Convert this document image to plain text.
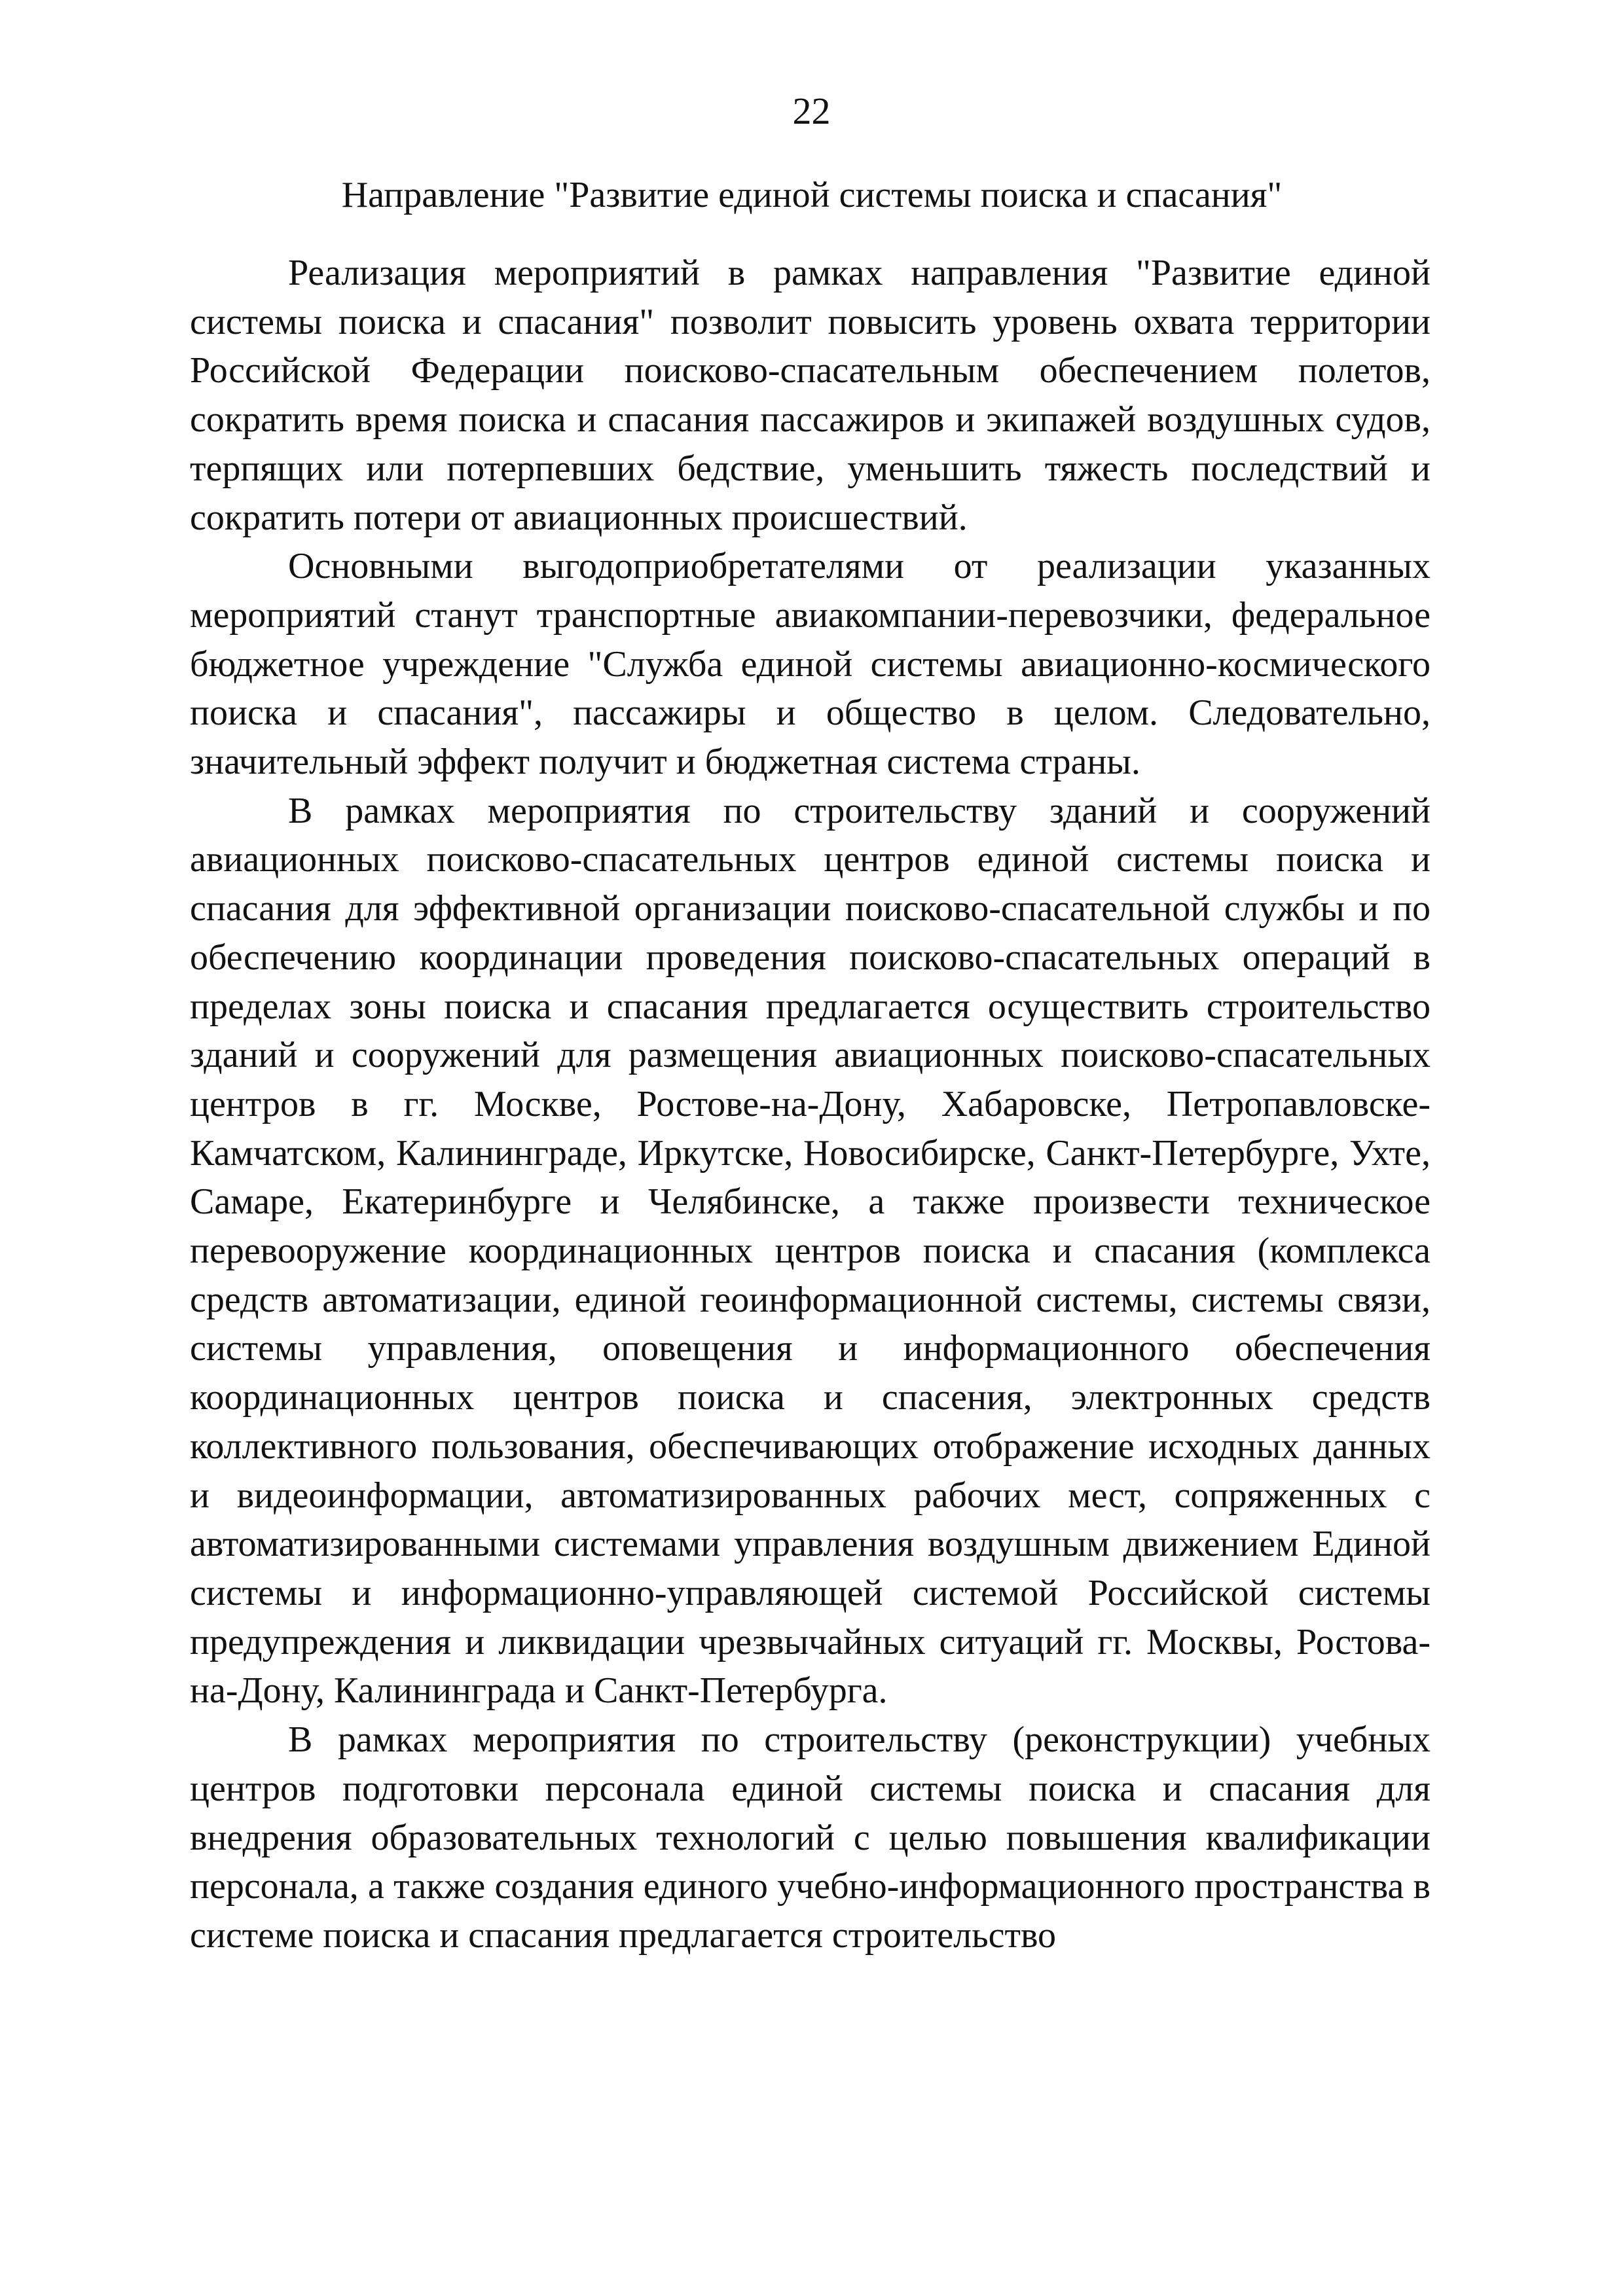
22
Направление "Развитие единой системы поиска и спасания"

Реализация мероприятий в рамках направления "Развитие единой системы поиска и спасания" позволит повысить уровень охвата территории Российской Федерации поисково-спасательным обеспечением полетов, сократить время поиска и спасания пассажиров и экипажей воздушных судов, терпящих или потерпевших бедствие, уменьшить тяжесть последствий и сократить потери от авиационных происшествий.

Основными выгодоприобретателями от реализации указанных мероприятий станут транспортные авиакомпании-перевозчики, федеральное бюджетное учреждение "Служба единой системы авиационно-космического поиска и спасания", пассажиры и общество в целом. Следовательно, значительный эффект получит и бюджетная система страны.

В рамках мероприятия по строительству зданий и сооружений авиационных поисково-спасательных центров единой системы поиска и спасания для эффективной организации поисково-спасательной службы и по обеспечению координации проведения поисково-спасательных операций в пределах зоны поиска и спасания предлагается осуществить строительство зданий и сооружений для размещения авиационных поисково-спасательных центров в гг. Москве, Ростове-на-Дону, Хабаровске, Петропавловске-Камчатском, Калининграде, Иркутске, Новосибирске, Санкт-Петербурге, Ухте, Самаре, Екатеринбурге и Челябинске, а также произвести техническое перевооружение координационных центров поиска и спасания (комплекса средств автоматизации, единой геоинформационной системы, системы связи, системы управления, оповещения и информационного обеспечения координационных центров поиска и спасения, электронных средств коллективного пользования, обеспечивающих отображение исходных данных и видеоинформации, автоматизированных рабочих мест, сопряженных с автоматизированными системами управления воздушным движением Единой системы и информационно-управляющей системой Российской системы предупреждения и ликвидации чрезвычайных ситуаций гг. Москвы, Ростова-на-Дону, Калининграда и Санкт-Петербурга.

В рамках мероприятия по строительству (реконструкции) учебных центров подготовки персонала единой системы поиска и спасания для внедрения образовательных технологий с целью повышения квалификации персонала, а также создания единого учебно-информационного пространства в системе поиска и спасания предлагается строительство
